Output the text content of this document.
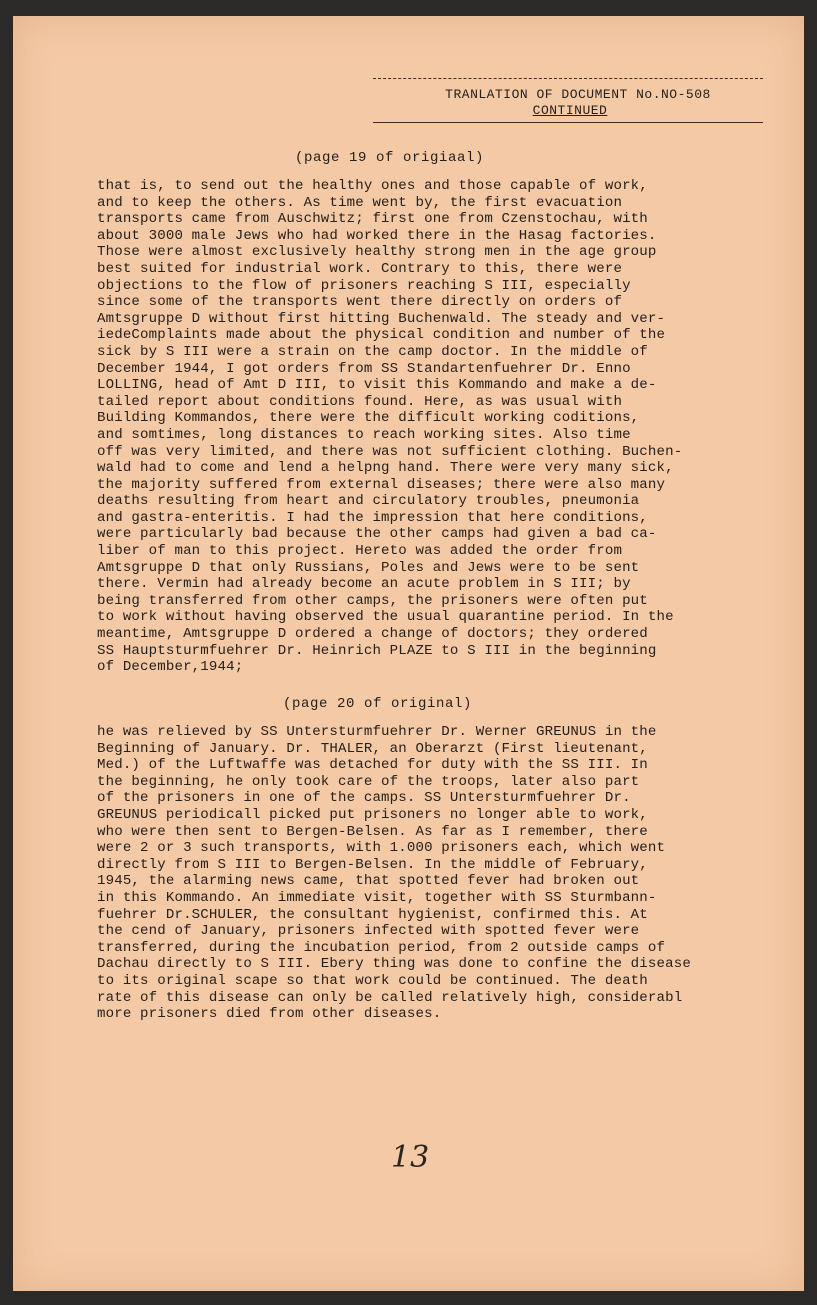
TRANLATION OF DOCUMENT No.NO-508
CONTINUED
(page 19 of origiaal)
that is, to send out the healthy ones and those capable of work,
and to keep the others. As time went by, the first evacuation
transports came from Auschwitz; first one from Czenstochau, with
about 3000 male Jews who had worked there in the Hasag factories.
Those were almost exclusively healthy strong men in the age group
best suited for industrial work. Contrary to this, there were
objections to the flow of prisoners reaching S III, especially
since some of the transports went there directly on orders of
Amtsgruppe D without first hitting Buchenwald. The steady and ver-
iedeComplaints made about the physical condition and number of the
sick by S III were a strain on the camp doctor. In the middle of
December 1944, I got orders from SS Standartenfuehrer Dr. Enno
LOLLING, head of Amt D III, to visit this Kommando and make a de-
tailed report about conditions found. Here, as was usual with
Building Kommandos, there were the difficult working coditions,
and somtimes, long distances to reach working sites. Also time
off was very limited, and there was not sufficient clothing. Buchen-
wald had to come and lend a helpng hand. There were very many sick,
the majority suffered from external diseases; there were also many
deaths resulting from heart and circulatory troubles, pneumonia
and gastra-enteritis. I had the impression that here conditions,
were particularly bad because the other camps had given a bad ca-
liber of man to this project. Hereto was added the order from
Amtsgruppe D that only Russians, Poles and Jews were to be sent
there. Vermin had already become an acute problem in S III; by
being transferred from other camps, the prisoners were often put
to work without having observed the usual quarantine period. In the
meantime, Amtsgruppe D ordered a change of doctors; they ordered
SS Hauptsturmfuehrer Dr. Heinrich PLAZE to S III in the beginning
of December,1944;
(page 20 of original)
he was relieved by SS Untersturmfuehrer Dr. Werner GREUNUS in the
Beginning of January. Dr. THALER, an Oberarzt (First lieutenant,
Med.) of the Luftwaffe was detached for duty with the SS III. In
the beginning, he only took care of the troops, later also part
of the prisoners in one of the camps. SS Untersturmfuehrer Dr.
GREUNUS periodicall picked put prisoners no longer able to work,
who were then sent to Bergen-Belsen. As far as I remember, there
were 2 or 3 such transports, with 1.000 prisoners each, which went
directly from S III to Bergen-Belsen. In the middle of February,
1945, the alarming news came, that spotted fever had broken out
in this Kommando. An immediate visit, together with SS Sturmbann-
fuehrer Dr.SCHULER, the consultant hygienist, confirmed this. At
the cend of January, prisoners infected with spotted fever were
transferred, during the incubation period, from 2 outside camps of
Dachau directly to S III. Ebery thing was done to confine the disease
to its original scape so that work could be continued. The death
rate of this disease can only be called relatively high, considerabl
more prisoners died from other diseases.
13
